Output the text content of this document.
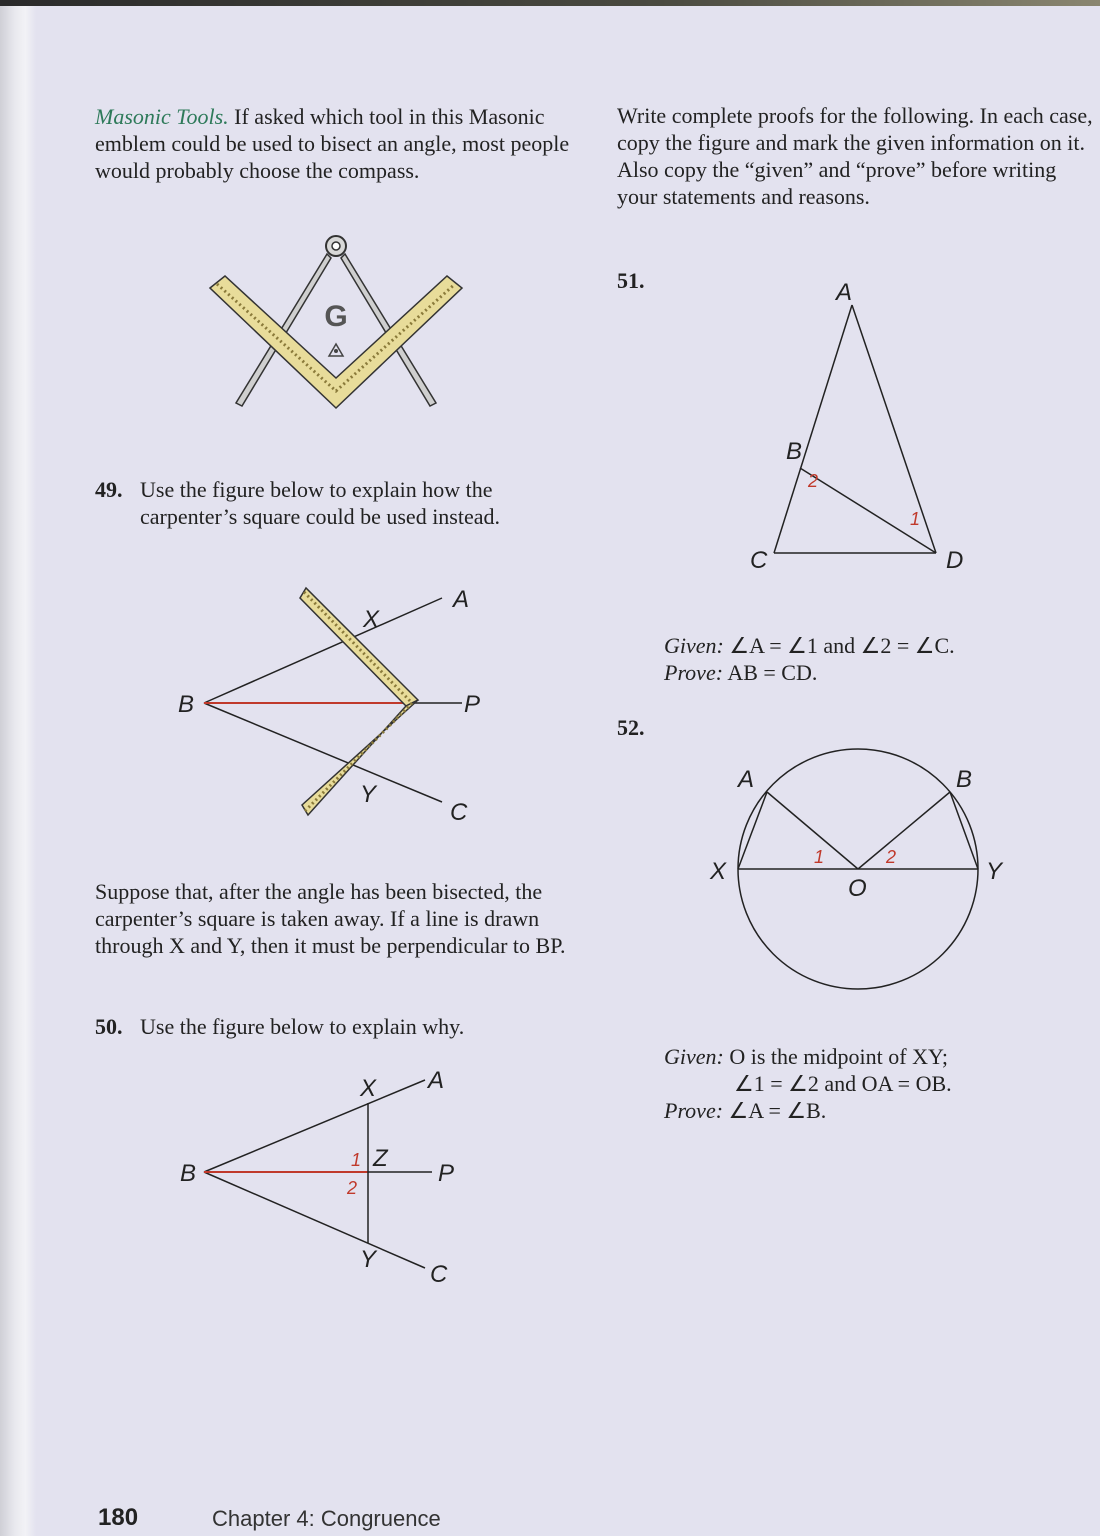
Masonic Tools. If asked which tool in this Masonic emblem could be used to bisect an angle, most people would probably choose the compass.

G
49. Use the figure below to explain how the carpenter’s square could be used instead.
A
X
B	P
Y
C
Suppose that, after the angle has been bisected, the carpenter’s square is taken away. If a line is drawn through X and Y, then it must be perpendicular to BP.
50. Use the figure below to explain why.
X A
1 Z
B	P
2
Y
C
Write complete proofs for the following. In each case, copy the figure and mark the given information on it. Also copy the “given” and “prove” before writing your statements and reasons.
51.	A
B
2
1
C	D
Given: ∠A = ∠1 and ∠2 = ∠C.
Prove: AB = CD.
52.
A	B
X	Y
1	2
O
Given: O is the midpoint of XY;
∠1 = ∠2 and OA = OB.
Prove: ∠A = ∠B.
180	Chapter 4: Congruence
